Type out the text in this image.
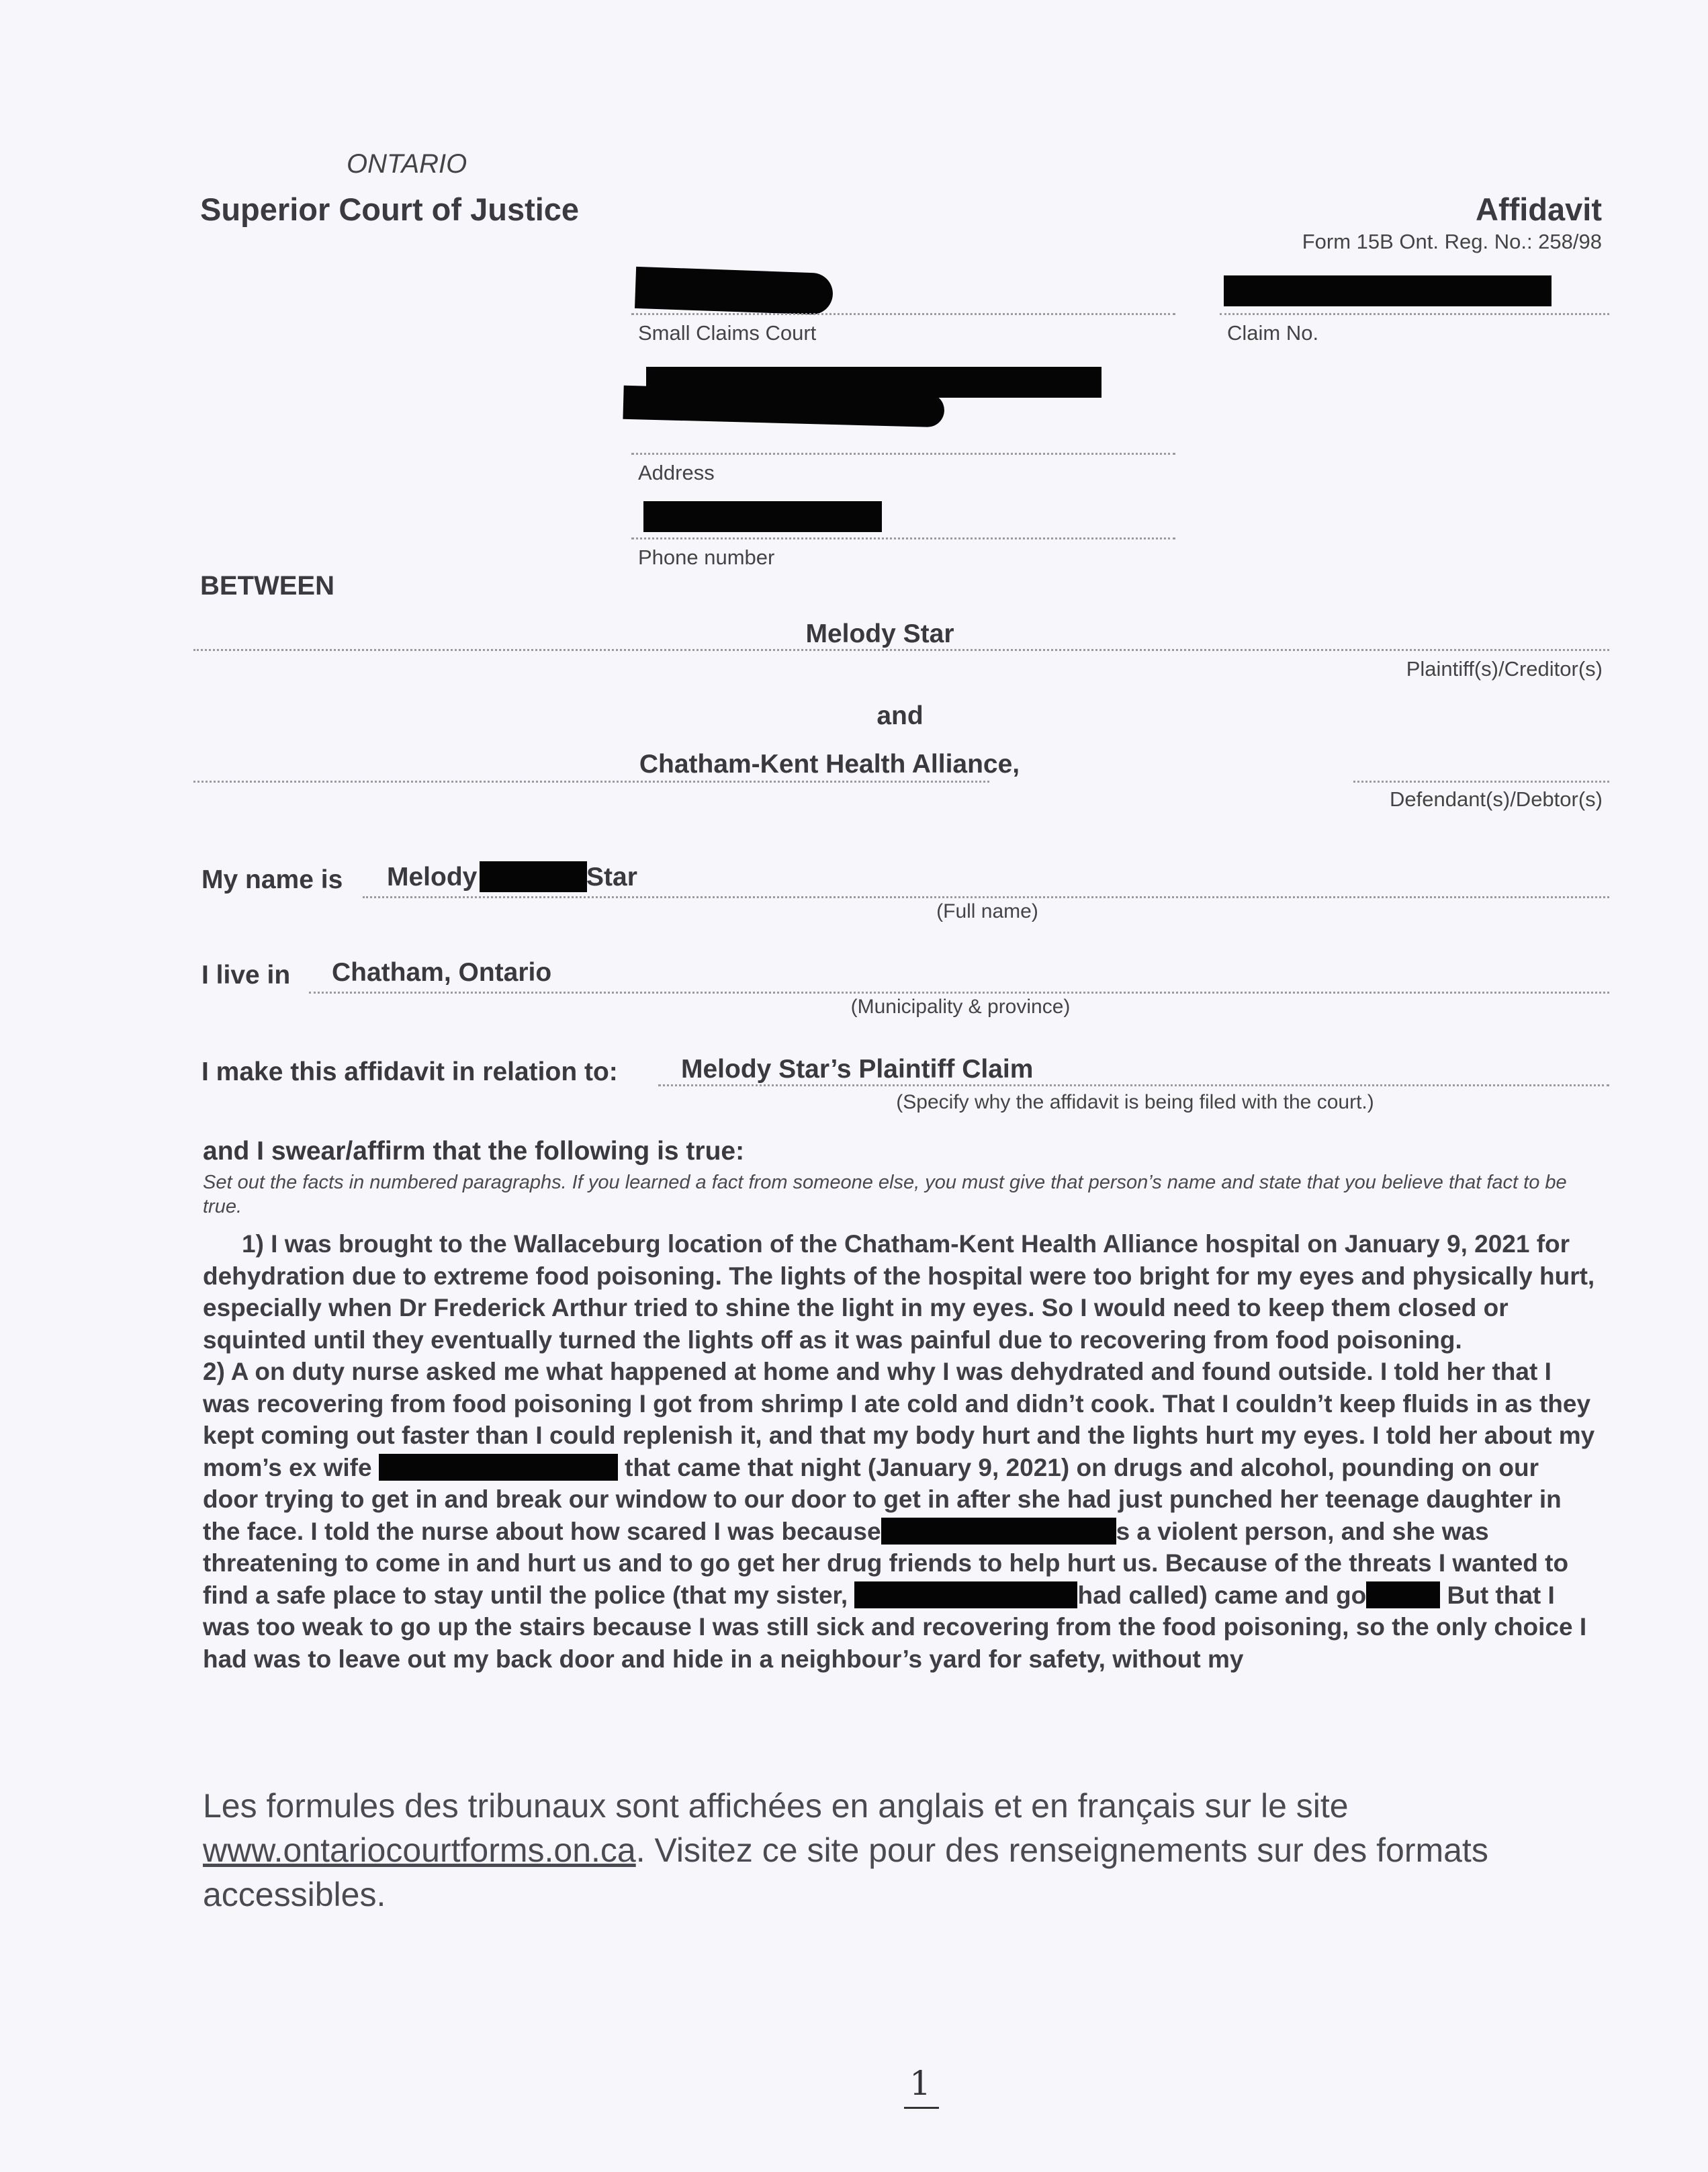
ONTARIO
Superior Court of Justice	Affidavit
Form 15B Ont. Reg. No.: 258/98
Small Claims Court	Claim No.
Address
Phone number
BETWEEN
Melody Star
Plaintiff(s)/Creditor(s)
and
Chatham-Kent Health Alliance,
Defendant(s)/Debtor(s)
My name is Melody	Star
(Full name)
I live in Chatham, Ontario
(Municipality & province)
I make this affidavit in relation to: Melody Star’s Plaintiff Claim
(Specify why the affidavit is being filed with the court.)
and I swear/affirm that the following is true:
Set out the facts in numbered paragraphs. If you learned a fact from someone else, you must give that person’s name and state that you believe that fact to be true.

1) I was brought to the Wallaceburg location of the Chatham-Kent Health Alliance hospital on January 9, 2021 for dehydration due to extreme food poisoning. The lights of the hospital were too bright for my eyes and physically hurt, especially when Dr Frederick Arthur tried to shine the light in my eyes. So I would need to keep them closed or squinted until they eventually turned the lights off as it was painful due to recovering from food poisoning.

2) A on duty nurse asked me what happened at home and why I was dehydrated and found outside. I told her that I was recovering from food poisoning I got from shrimp I ate cold and didn’t cook. That I couldn’t keep fluids in as they kept coming out faster than I could replenish it, and that my body hurt and the lights hurt my eyes. I told her about my mom’s ex wife	that came that night (January 9, 2021) on drugs and alcohol, pounding on our door trying to get in and break our window to our door to get in after she had just punched her teenage daughter in the face. I told the nurse about how scared I was because	s a violent person, and she was threatening to come in and hurt us and to go get her drug friends to help hurt us. Because of the threats I wanted to find a safe place to stay until the police (that my sister,	had called) came and go	But that I was too weak to go up the stairs because I was still sick and recovering from the food poisoning, so the only choice I had was to leave out my back door and hide in a neighbour’s yard for safety, without my

Les formules des tribunaux sont affichées en anglais et en français sur le site www.ontariocourtforms.on.ca. Visitez ce site pour des renseignements sur des formats accessibles.

1
